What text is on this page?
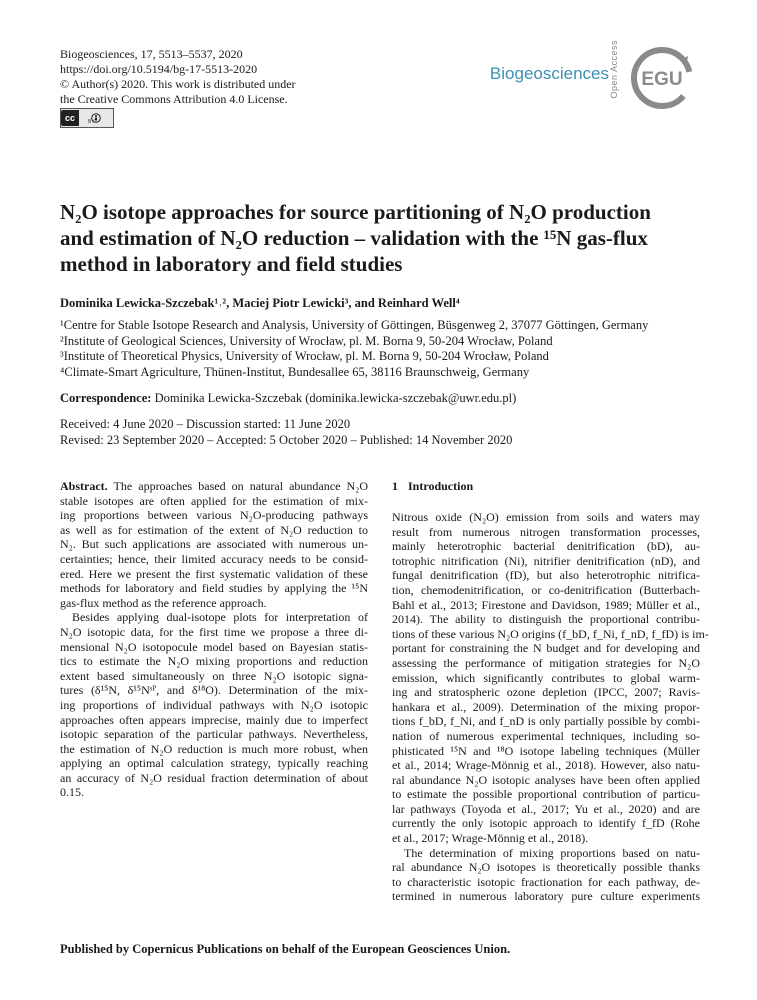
Biogeosciences, 17, 5513–5537, 2020
https://doi.org/10.5194/bg-17-5513-2020
© Author(s) 2020. This work is distributed under
the Creative Commons Attribution 4.0 License.
cc	BY
Biogeosciences Open Access EGU

N₂O isotope approaches for source partitioning of N₂O production

and estimation of N₂O reduction – validation with the ¹⁵N gas-flux

method in laboratory and field studies

Dominika Lewicka-Szczebak¹˒², Maciej Piotr Lewicki³, and Reinhard Well⁴

¹Centre for Stable Isotope Research and Analysis, University of Göttingen, Büsgenweg 2, 37077 Göttingen, Germany

²Institute of Geological Sciences, University of Wrocław, pl. M. Borna 9, 50-204 Wrocław, Poland

³Institute of Theoretical Physics, University of Wrocław, pl. M. Borna 9, 50-204 Wrocław, Poland

⁴Climate-Smart Agriculture, Thünen-Institut, Bundesallee 65, 38116 Braunschweig, Germany

Correspondence: Dominika Lewicka-Szczebak (dominika.lewicka-szczebak@uwr.edu.pl)

Received: 4 June 2020 – Discussion started: 11 June 2020

Revised: 23 September 2020 – Accepted: 5 October 2020 – Published: 14 November 2020

Abstract. The approaches based on natural abundance N₂O
stable isotopes are often applied for the estimation of mix-
ing proportions between various N₂O-producing pathways
as well as for estimation of the extent of N₂O reduction to
N₂. But such applications are associated with numerous un-
certainties; hence, their limited accuracy needs to be consid-
ered. Here we present the first systematic validation of these
methods for laboratory and field studies by applying the ¹⁵N
gas-flux method as the reference approach.
Besides applying dual-isotope plots for interpretation of
N₂O isotopic data, for the first time we propose a three di-
mensional N₂O isotopocule model based on Bayesian statis-
tics to estimate the N₂O mixing proportions and reduction
extent based simultaneously on three N₂O isotopic signa-
tures (δ¹⁵N, δ¹⁵Nˢᴾ, and δ¹⁸O). Determination of the mix-
ing proportions of individual pathways with N₂O isotopic
approaches often appears imprecise, mainly due to imperfect
isotopic separation of the particular pathways. Nevertheless,
the estimation of N₂O reduction is much more robust, when
applying an optimal calculation strategy, typically reaching
an accuracy of N₂O residual fraction determination of about
0.15.
1 Introduction
Nitrous oxide (N₂O) emission from soils and waters may
result from numerous nitrogen transformation processes,
mainly heterotrophic bacterial denitrification (bD), au-
totrophic nitrification (Ni), nitrifier denitrification (nD), and
fungal denitrification (fD), but also heterotrophic nitrifica-
tion, chemodenitrification, or co-denitrification (Butterbach-
Bahl et al., 2013; Firestone and Davidson, 1989; Müller et al.,
2014). The ability to distinguish the proportional contribu-
tions of these various N₂O origins (f_bD, f_Ni, f_nD, f_fD) is im-
portant for constraining the N budget and for developing and
assessing the performance of mitigation strategies for N₂O
emission, which significantly contributes to global warm-
ing and stratospheric ozone depletion (IPCC, 2007; Ravis-
hankara et al., 2009). Determination of the mixing propor-
tions f_bD, f_Ni, and f_nD is only partially possible by combi-
nation of numerous experimental techniques, including so-
phisticated ¹⁵N and ¹⁸O isotope labeling techniques (Müller
et al., 2014; Wrage-Mönnig et al., 2018). However, also natu-
ral abundance N₂O isotopic analyses have been often applied
to estimate the possible proportional contribution of particu-
lar pathways (Toyoda et al., 2017; Yu et al., 2020) and are
currently the only isotopic approach to identify f_fD (Rohe
et al., 2017; Wrage-Mönnig et al., 2018).
The determination of mixing proportions based on natu-
ral abundance N₂O isotopes is theoretically possible thanks
to characteristic isotopic fractionation for each pathway, de-
termined in numerous laboratory pure culture experiments
Published by Copernicus Publications on behalf of the European Geosciences Union.
